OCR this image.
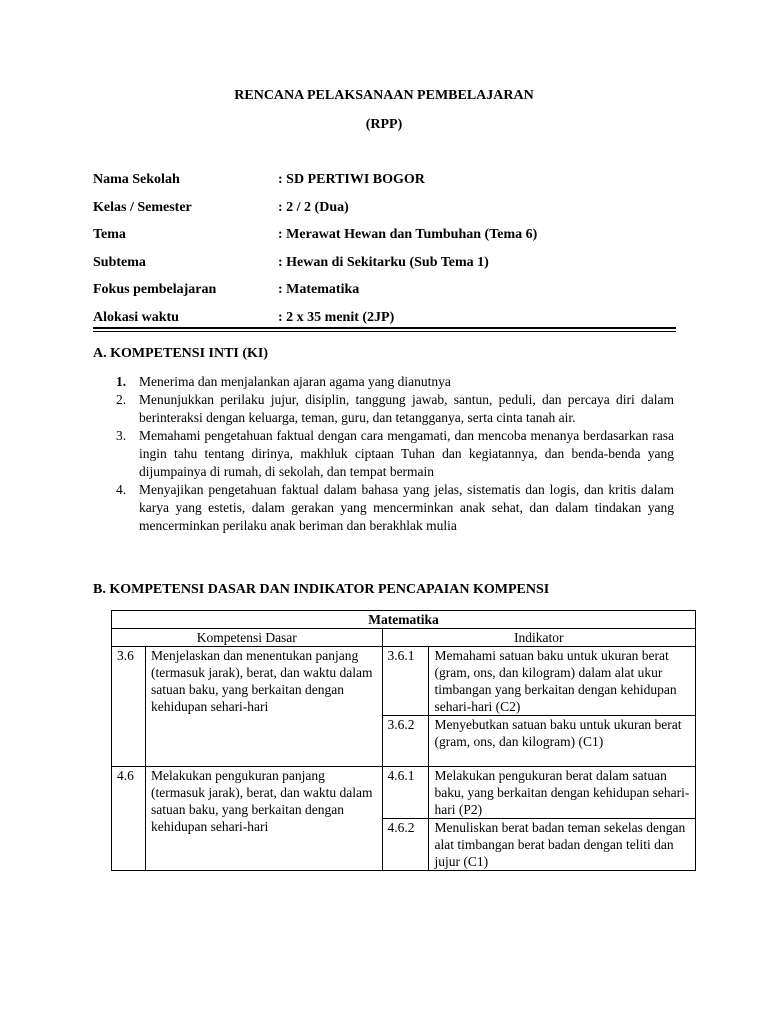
RENCANA PELAKSANAAN PEMBELAJARAN
(RPP)
Nama Sekolah	: SD PERTIWI BOGOR
Kelas / Semester	: 2 / 2 (Dua)
Tema	: Merawat Hewan dan Tumbuhan (Tema 6)
Subtema	: Hewan di Sekitarku (Sub Tema 1)
Fokus pembelajaran	: Matematika
Alokasi waktu	: 2 x 35 menit (2JP)
A. KOMPETENSI INTI (KI)
1. Menerima dan menjalankan ajaran agama yang dianutnya
2. Menunjukkan perilaku jujur, disiplin, tanggung jawab, santun, peduli, dan percaya diri dalam berinteraksi dengan keluarga, teman, guru, dan tetangganya, serta cinta tanah air.
3. Memahami pengetahuan faktual dengan cara mengamati, dan mencoba menanya berdasarkan rasa ingin tahu tentang dirinya, makhluk ciptaan Tuhan dan kegiatannya, dan benda-benda yang dijumpainya di rumah, di sekolah, dan tempat bermain
4. Menyajikan pengetahuan faktual dalam bahasa yang jelas, sistematis dan logis, dan kritis dalam karya yang estetis, dalam gerakan yang mencerminkan anak sehat, dan dalam tindakan yang mencerminkan perilaku anak beriman dan berakhlak mulia
B. KOMPETENSI DASAR DAN INDIKATOR PENCAPAIAN KOMPENSI
Matematika			
Kompetensi Dasar		Indikator	
3.6	Menjelaskan dan menentukan panjang (termasuk jarak), berat, dan waktu dalam satuan baku, yang berkaitan dengan kehidupan sehari-hari	3.6.1	Memahami satuan baku untuk ukuran berat (gram, ons, dan kilogram) dalam alat ukur timbangan yang berkaitan dengan kehidupan sehari-hari (C2)
		3.6.2	Menyebutkan satuan baku untuk ukuran berat (gram, ons, dan kilogram) (C1)
4.6	Melakukan pengukuran panjang (termasuk jarak), berat, dan waktu dalam satuan baku, yang berkaitan dengan kehidupan sehari-hari	4.6.1	Melakukan pengukuran berat dalam satuan baku, yang berkaitan dengan kehidupan sehari-hari (P2)
		4.6.2	Menuliskan berat badan teman sekelas dengan alat timbangan berat badan dengan teliti dan jujur (C1)
